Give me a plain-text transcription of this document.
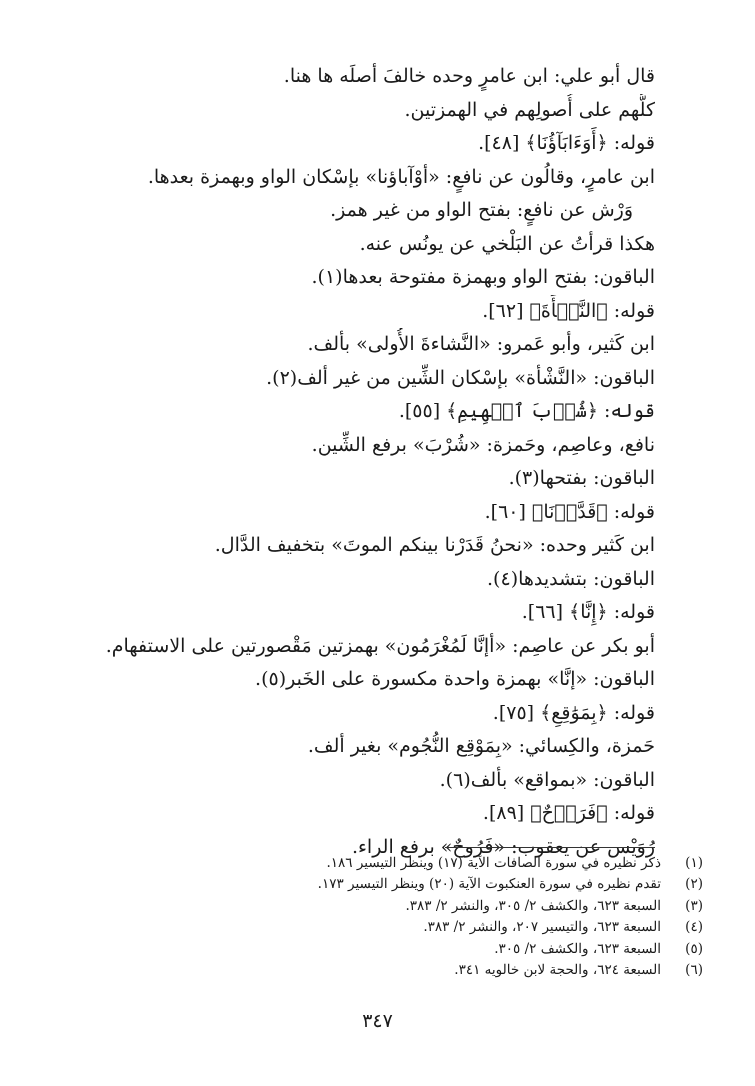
قال أبو علي: ابن عامرٍ وحده خالفَ أصلَه ها هنا.
كلُّهم على أُصولِهم في الهمزتين.
قوله: ﴿أَوَءَابَآؤُنَا﴾ [٤٨].
ابن عامرٍ، وقالُون عن نافعٍ: «أوْآباؤنا» بإسْكان الواو وبهمزة بعدها.
وَرْش عن نافعٍ: بفتح الواو من غير همز.
هكذا قرأتُ عن البَلْخي عن يونُس عنه.
الباقون: بفتح الواو وبهمزة مفتوحة بعدها(١).
قوله: ﴿النَّشۡأَةَ﴾ [٦٢].
ابن كَثير، وأبو عَمرو: «النَّشاءةَ الأُولى» بألف.
الباقون: «النَّشْأة» بإسْكان الشِّين من غير ألف(٢).
قوله: ﴿شُرۡبَ ٱلۡهِيمِ﴾ [٥٥].
نافع، وعاصِم، وحَمزة: «شُرْبَ» برفع الشِّين.
الباقون: بفتحها(٣).
قوله: ﴿قَدَّرۡنَا﴾ [٦٠].
ابن كَثير وحده: «نحنُ قَدَرْنا بينكم الموتَ» بتخفيف الدَّال.
الباقون: بتشديدها(٤).
قوله: ﴿إِنَّا﴾ [٦٦].
أبو بكر عن عاصِم: «أإنَّا لَمُغْرَمُون» بهمزتين مَقْصورتين على الاستفهام.
الباقون: «إنَّا» بهمزة واحدة مكسورة على الخَبر(٥).
قوله: ﴿بِمَوَٰقِعِ﴾ [٧٥].
حَمزة، والكِسائي: «بِمَوْقِع النُّجُوم» بغير ألف.
الباقون: «بمواقع» بألف(٦).
قوله: ﴿فَرَوۡحٌ﴾ [٨٩].
رُوَيْس عن يعقوب: «فَرُوحٌ» برفع الراء.
(١)ذكر نظيره في سورة الصافات الآية (١٧) وينظر التيسير ١٨٦.
(٢)تقدم نظيره في سورة العنكبوت الآية (٢٠) وينظر التيسير ١٧٣.
(٣)السبعة ٦٢٣، والكشف ٢/ ٣٠٥، والنشر ٢/ ٣٨٣.
(٤)السبعة ٦٢٣، والتيسير ٢٠٧، والنشر ٢/ ٣٨٣.
(٥)السبعة ٦٢٣، والكشف ٢/ ٣٠٥.
(٦)السبعة ٦٢٤، والحجة لابن خالويه ٣٤١.
٣٤٧
